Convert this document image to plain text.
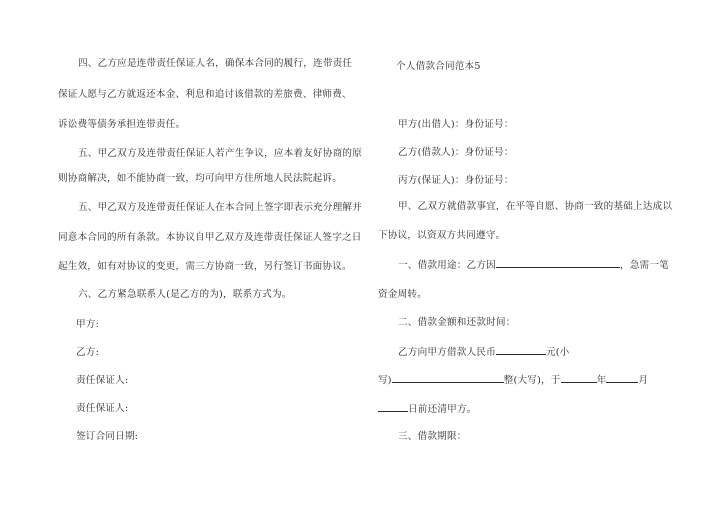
四、乙方应是连带责任保证人名，确保本合同的履行，连带责任
保证人愿与乙方就返还本金、利息和追讨该借款的差旅费、律师费、
诉讼费等债务承担连带责任。
五、甲乙双方及连带责任保证人若产生争议，应本着友好协商的原
则协商解决，如不能协商一致，均可向甲方住所地人民法院起诉。
五、甲乙双方及连带责任保证人在本合同上签字即表示充分理解并
同意本合同的所有条款。本协议自甲乙双方及连带责任保证人签字之日
起生效，如有对协议的变更，需三方协商一致，另行签订书面协议。
六、乙方紧急联系人(是乙方的为)，联系方式为。
甲方:
乙方:
责任保证人:
责任保证人:
签订合同日期:
个人借款合同范本5
甲方(出借人)：身份证号：
乙方(借款人)：身份证号：
丙方(保证人)：身份证号：
甲、乙双方就借款事宜，在平等自愿、协商一致的基础上达成以
下协议，以资双方共同遵守。
一、借款用途：乙方因	，急需一笔
资金周转。
二、借款金额和还款时间：
乙方向甲方借款人民币	元(小
写)	整(大写)，于	年	月
日前还清甲方。
三、借款期限：
